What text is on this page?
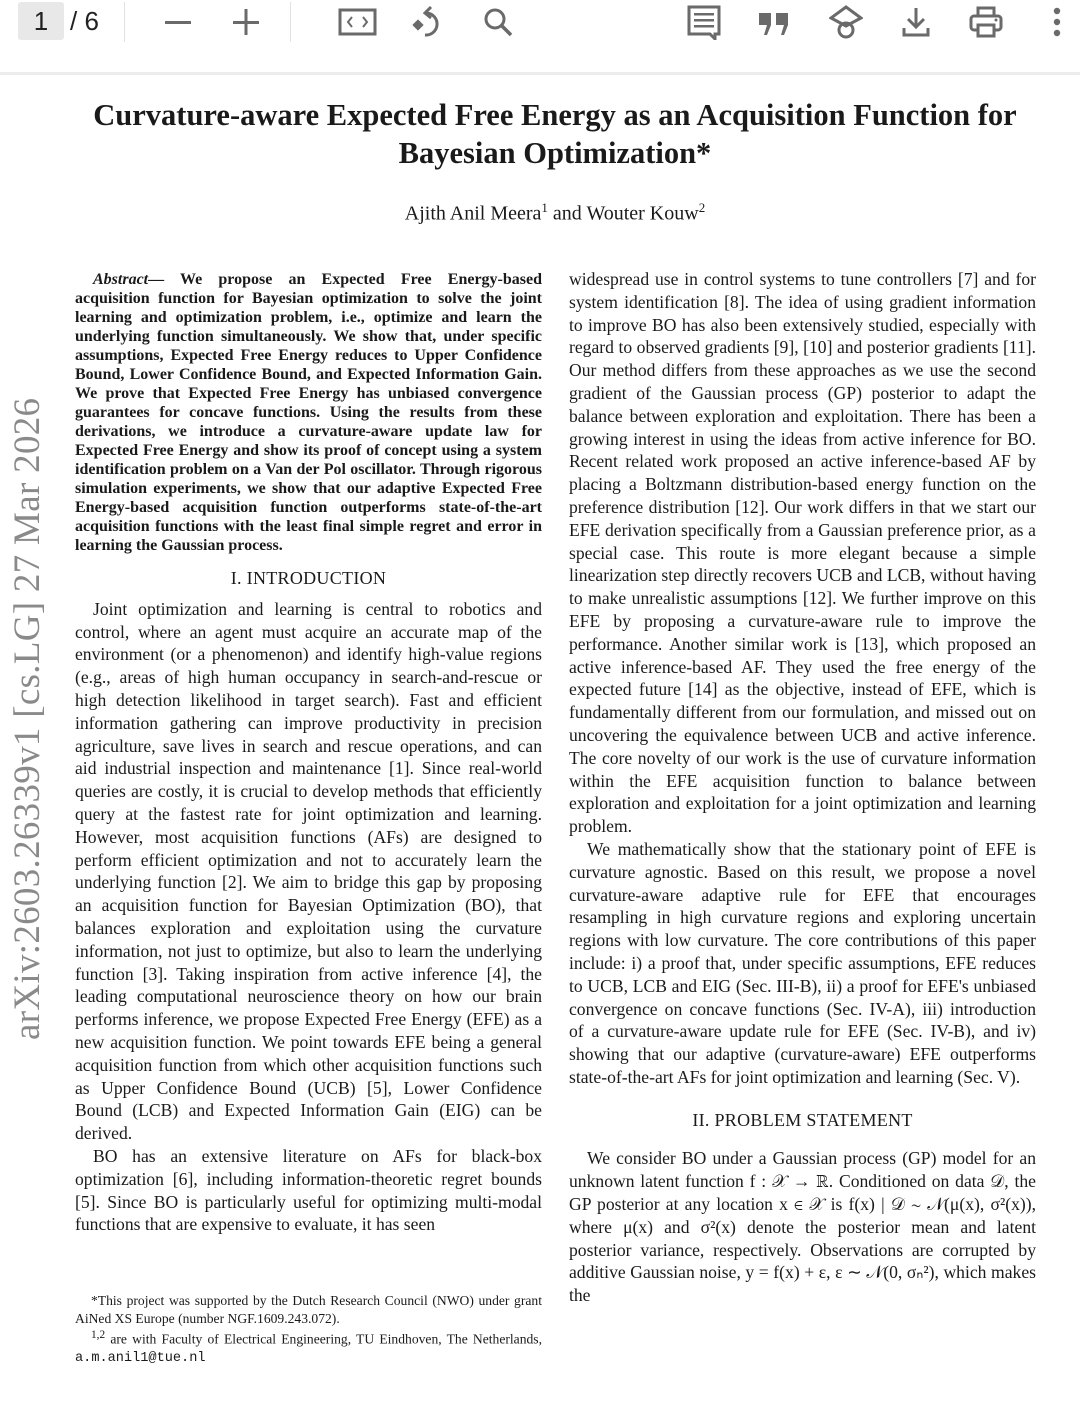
1 / 6
arXiv:2603.26339v1 [cs.LG] 27 Mar 2026
Curvature-aware Expected Free Energy as an Acquisition Function for
Bayesian Optimization*
Ajith Anil Meera$^1$ and Wouter Kouw$^2$

Abstract— We propose an Expected Free Energy-based acquisition function for Bayesian optimization to solve the joint learning and optimization problem, i.e., optimize and learn the underlying function simultaneously. We show that, under specific assumptions, Expected Free Energy reduces to Upper Confidence Bound, Lower Confidence Bound, and Expected Information Gain. We prove that Expected Free Energy has unbiased convergence guarantees for concave functions. Using the results from these derivations, we introduce a curvature-aware update law for Expected Free Energy and show its proof of concept using a system identification problem on a Van der Pol oscillator. Through rigorous simulation experiments, we show that our adaptive Expected Free Energy-based acquisition function outperforms state-of-the-art acquisition functions with the least final simple regret and error in learning the Gaussian process.

I. INTRODUCTION

Joint optimization and learning is central to robotics and control, where an agent must acquire an accurate map of the environment (or a phenomenon) and identify high-value regions (e.g., areas of high human occupancy in search-and-rescue or high detection likelihood in target search). Fast and efficient information gathering can improve productivity in precision agriculture, save lives in search and rescue operations, and can aid industrial inspection and maintenance [1]. Since real-world queries are costly, it is crucial to develop methods that efficiently query at the fastest rate for joint optimization and learning. However, most acquisition functions (AFs) are designed to perform efficient optimization and not to accurately learn the underlying function [2]. We aim to bridge this gap by proposing an acquisition function for Bayesian Optimization (BO), that balances exploration and exploitation using the curvature information, not just to optimize, but also to learn the underlying function [3]. Taking inspiration from active inference [4], the leading computational neuroscience theory on how our brain performs inference, we propose Expected Free Energy (EFE) as a new acquisition function. We point towards EFE being a general acquisition function from which other acquisition functions such as Upper Confidence Bound (UCB) [5], Lower Confidence Bound (LCB) and Expected Information Gain (EIG) can be derived.

BO has an extensive literature on AFs for black-box optimization [6], including information-theoretic regret bounds [5]. Since BO is particularly useful for optimizing multi-modal functions that are expensive to evaluate, it has seen

*This project was supported by the Dutch Research Council (NWO) under grant AiNed XS Europe (number NGF.1609.243.072).

$^{1,2}$ are with Faculty of Electrical Engineering, TU Eindhoven, The Netherlands, a.m.anil1@tue.nl

widespread use in control systems to tune controllers [7] and for system identification [8]. The idea of using gradient information to improve BO has also been extensively studied, especially with regard to observed gradients [9], [10] and posterior gradients [11]. Our method differs from these approaches as we use the second gradient of the Gaussian process (GP) posterior to adapt the balance between exploration and exploitation. There has been a growing interest in using the ideas from active inference for BO. Recent related work proposed an active inference-based AF by placing a Boltzmann distribution-based energy function on the preference distribution [12]. Our work differs in that we start our EFE derivation specifically from a Gaussian preference prior, as a special case. This route is more elegant because a simple linearization step directly recovers UCB and LCB, without having to make unrealistic assumptions [12]. We further improve on this EFE by proposing a curvature-aware rule to improve the performance. Another similar work is [13], which proposed an active inference-based AF. They used the free energy of the expected future [14] as the objective, instead of EFE, which is fundamentally different from our formulation, and missed out on uncovering the equivalence between UCB and active inference. The core novelty of our work is the use of curvature information within the EFE acquisition function to balance between exploration and exploitation for a joint optimization and learning problem.

We mathematically show that the stationary point of EFE is curvature agnostic. Based on this result, we propose a novel curvature-aware adaptive rule for EFE that encourages resampling in high curvature regions and exploring uncertain regions with low curvature. The core contributions of this paper include: i) a proof that, under specific assumptions, EFE reduces to UCB, LCB and EIG (Sec. III-B), ii) a proof for EFE's unbiased convergence on concave functions (Sec. IV-A), iii) introduction of a curvature-aware update rule for EFE (Sec. IV-B), and iv) showing that our adaptive (curvature-aware) EFE outperforms state-of-the-art AFs for joint optimization and learning (Sec. V).

II. PROBLEM STATEMENT

We consider BO under a Gaussian process (GP) model for an unknown latent function f : 𝒳 → ℝ. Conditioned on data 𝒟, the GP posterior at any location x ∈ 𝒳 is f(x) | 𝒟 ∼ 𝒩(μ(x), σ²(x)), where μ(x) and σ²(x) denote the posterior mean and latent posterior variance, respectively. Observations are corrupted by additive Gaussian noise, y = f(x) + ε, ε ∼ 𝒩(0, σₙ²), which makes the
